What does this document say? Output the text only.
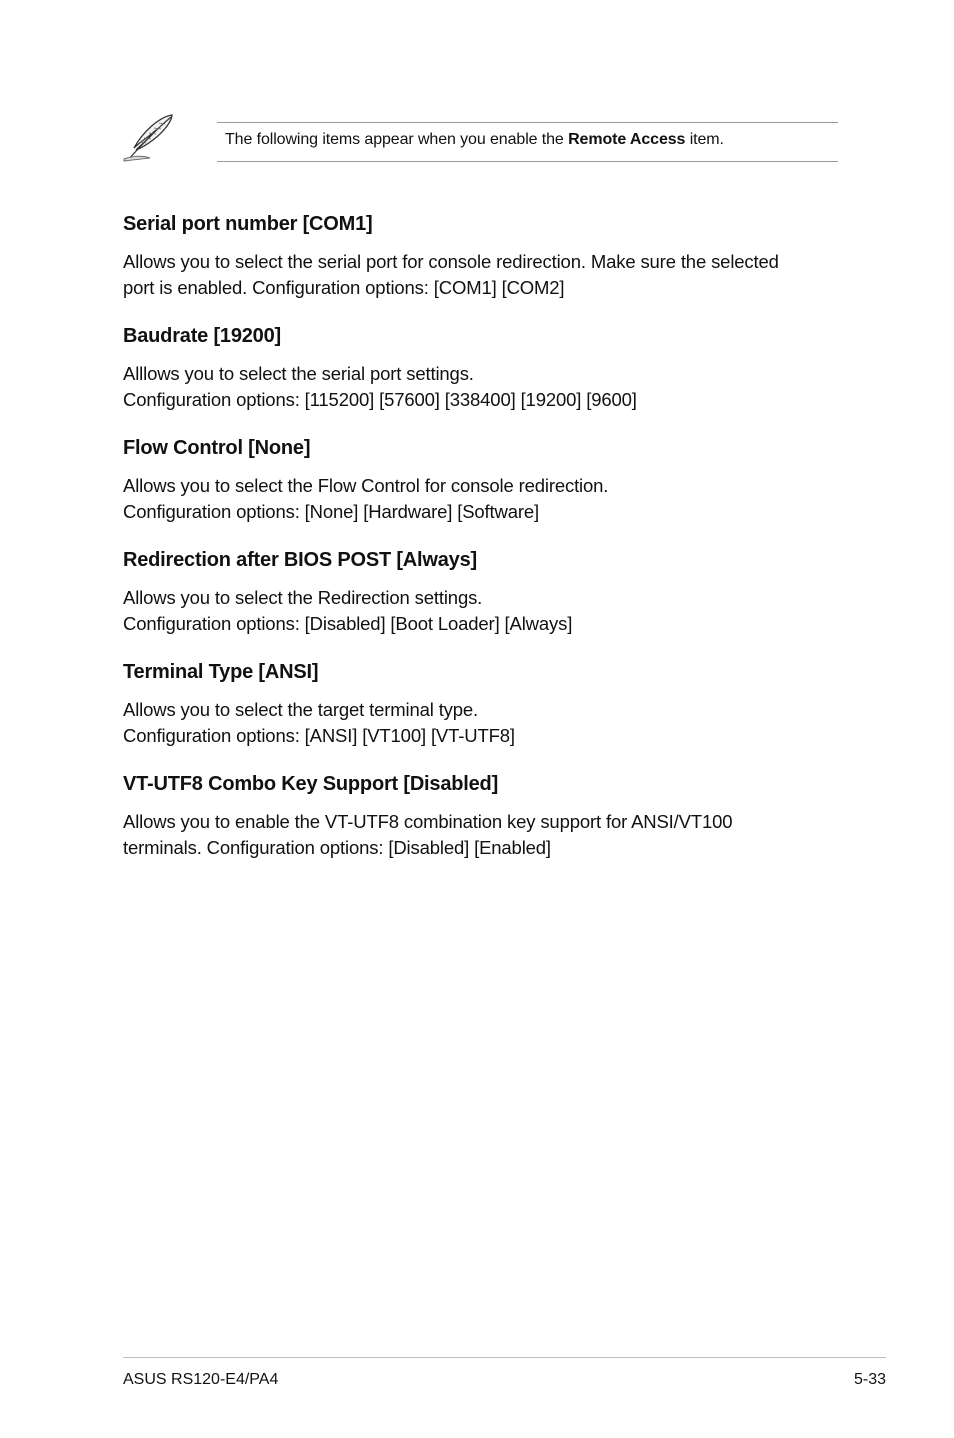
The following items appear when you enable the Remote Access item.
Serial port number [COM1]
Allows you to select the serial port for console redirection. Make sure the selected
port is enabled. Configuration options: [COM1] [COM2]
Baudrate [19200]
Alllows you to select the serial port settings.
Configuration options: [115200] [57600] [338400] [19200] [9600]
Flow Control [None]
Allows you to select the Flow Control for console redirection.
Configuration options: [None] [Hardware] [Software]
Redirection after BIOS POST [Always]
Allows you to select the Redirection settings.
Configuration options: [Disabled] [Boot Loader] [Always]
Terminal Type [ANSI]
Allows you to select the target terminal type.
Configuration options: [ANSI] [VT100] [VT-UTF8]
VT-UTF8 Combo Key Support [Disabled]
Allows you to enable the VT-UTF8 combination key support for ANSI/VT100
terminals. Configuration options: [Disabled] [Enabled]
ASUS RS120-E4/PA4	5-33
